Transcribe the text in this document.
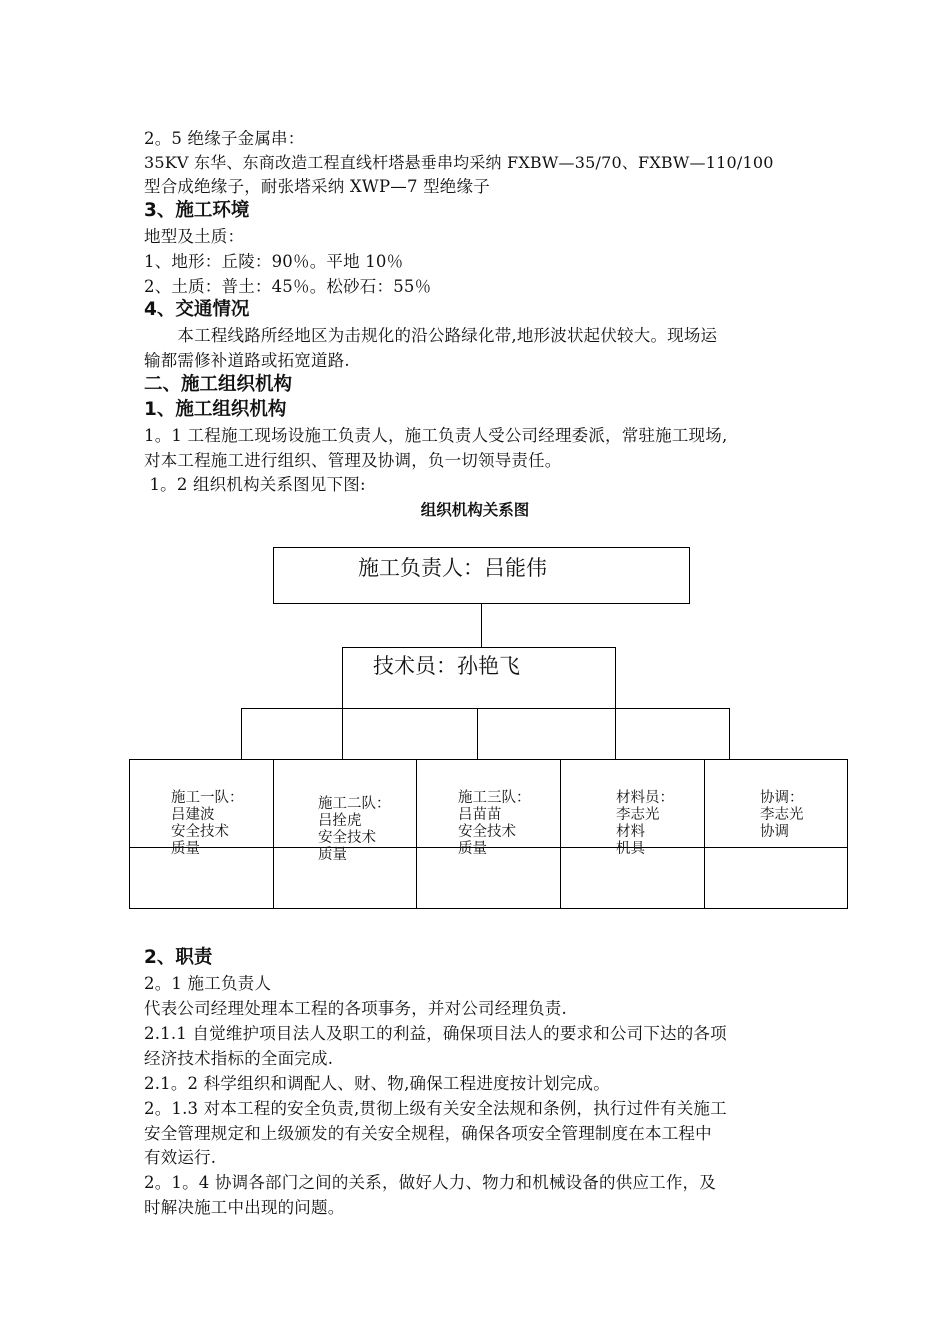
2。5 绝缘子金属串：
35KV 东华、东商改造工程直线杆塔悬垂串均采纳 FXBW—35/70、FXBW—110/100
型合成绝缘子，耐张塔采纳 XWP—7 型绝缘子
3、施工环境
地型及土质：
1、地形：丘陵：90％。平地 10％
2、土质：普土：45％。松砂石：55％
4、交通情况
　　本工程线路所经地区为击规化的沿公路绿化带,地形波状起伏较大。现场运
输都需修补道路或拓宽道路.
二、施工组织机构
1、施工组织机构
1。1 工程施工现场设施工负责人，施工负责人受公司经理委派，常驻施工现场,
对本工程施工进行组织、管理及协调，负一切领导责任。
1。2 组织机构关系图见下图:
组织机构关系图
施工负责人：吕能伟
技术员：孙艳飞
施工一队：
吕建波
安全技术
质量
施工二队：
吕拴虎
安全技术
质量
施工三队：
吕苗苗
安全技术
质量
材料员：
李志光
材料
机具
协调：
李志光
协调
2、职责
2。1 施工负责人
代表公司经理处理本工程的各项事务，并对公司经理负责.
2.1.1 自觉维护项目法人及职工的利益，确保项目法人的要求和公司下达的各项
经济技术指标的全面完成.
2.1。2 科学组织和调配人、财、物,确保工程进度按计划完成。
2。1.3 对本工程的安全负责,贯彻上级有关安全法规和条例，执行过件有关施工
安全管理规定和上级颁发的有关安全规程，确保各项安全管理制度在本工程中
有效运行.
2。1。4 协调各部门之间的关系，做好人力、物力和机械设备的供应工作，及
时解决施工中出现的问题。
